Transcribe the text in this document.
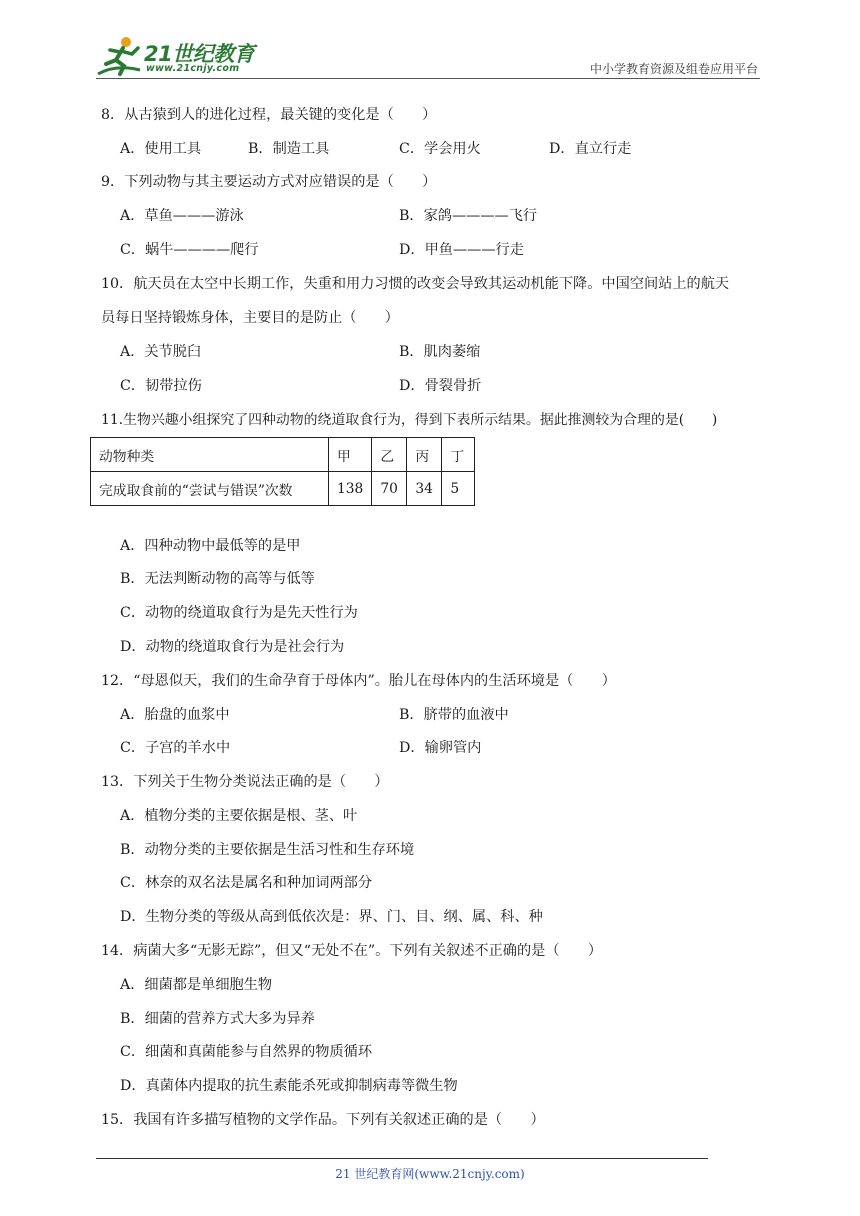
21世纪教育
www.21cnjy.com	中小学教育资源及组卷应用平台
8．从古猿到人的进化过程，最关键的变化是（　　）
A．使用工具	B．制造工具	C．学会用火	D．直立行走
9．下列动物与其主要运动方式对应错误的是（　　）
A．草鱼———游泳	B．家鸽————飞行
C．蜗牛————爬行	D．甲鱼———行走
10．航天员在太空中长期工作，失重和用力习惯的改变会导致其运动机能下降。中国空间站上的航天
员每日坚持锻炼身体，主要目的是防止（　　）
A．关节脱臼	B．肌肉萎缩
C．韧带拉伤	D．骨裂骨折
11.生物兴趣小组探究了四种动物的绕道取食行为，得到下表所示结果。据此推测较为合理的是(　　)
动物种类	甲	乙	丙	丁
完成取食前的“尝试与错误”次数	138	70	34	5
A．四种动物中最低等的是甲
B．无法判断动物的高等与低等
C．动物的绕道取食行为是先天性行为
D．动物的绕道取食行为是社会行为
12．“母恩似天，我们的生命孕育于母体内”。胎儿在母体内的生活环境是（　　）
A．胎盘的血浆中	B．脐带的血液中
C．子宫的羊水中	D．输卵管内
13．下列关于生物分类说法正确的是（　　）
A．植物分类的主要依据是根、茎、叶
B．动物分类的主要依据是生活习性和生存环境
C．林奈的双名法是属名和种加词两部分
D．生物分类的等级从高到低依次是：界、门、目、纲、属、科、种
14．病菌大多“无影无踪”，但又“无处不在”。下列有关叙述不正确的是（　　）
A．细菌都是单细胞生物
B．细菌的营养方式大多为异养
C．细菌和真菌能参与自然界的物质循环
D．真菌体内提取的抗生素能杀死或抑制病毒等微生物
15．我国有许多描写植物的文学作品。下列有关叙述正确的是（　　）
21 世纪教育网(www.21cnjy.com)
